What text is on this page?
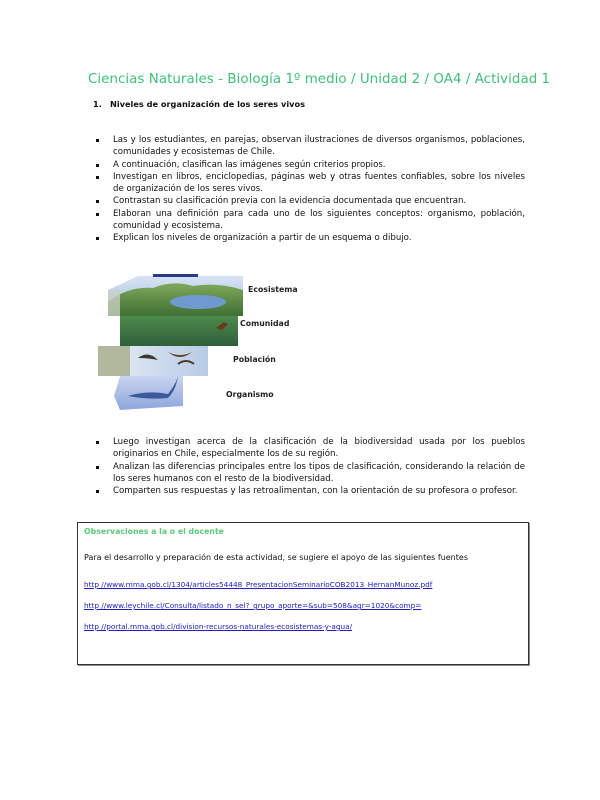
Ciencias Naturales - Biología 1º medio / Unidad 2 / OA4 / Actividad 1
1. Niveles de organización de los seres vivos
Las y los estudiantes, en parejas, observan ilustraciones de diversos organismos, poblaciones, comunidades y ecosistemas de Chile.
A continuación, clasifican las imágenes según criterios propios.
Investigan en libros, enciclopedias, páginas web y otras fuentes confiables, sobre los niveles de organización de los seres vivos.
Contrastan su clasificación previa con la evidencia documentada que encuentran.
Elaboran una definición para cada uno de los siguientes conceptos: organismo, población, comunidad y ecosistema.
Explican los niveles de organización a partir de un esquema o dibujo.
Ecosistema
Comunidad
Población
Organismo
Luego investigan acerca de la clasificación de la biodiversidad usada por los pueblos originarios en Chile, especialmente los de su región.
Analizan las diferencias principales entre los tipos de clasificación, considerando la relación de los seres humanos con el resto de la biodiversidad.
Comparten sus respuestas y las retroalimentan, con la orientación de su profesora o profesor.
Observaciones a la o el docente
Para el desarrollo y preparación de esta actividad, se sugiere el apoyo de las siguientes fuentes
http //www.mma.gob.cl/1304/articles54448_PresentacionSeminarioCOB2013_HernanMunoz.pdf
http //www.leychile.cl/Consulta/listado_n_sel?_grupo_aporte=&sub=508&agr=1020&comp=
http //portal.mma.gob.cl/division-recursos-naturales-ecosistemas-y-agua/
